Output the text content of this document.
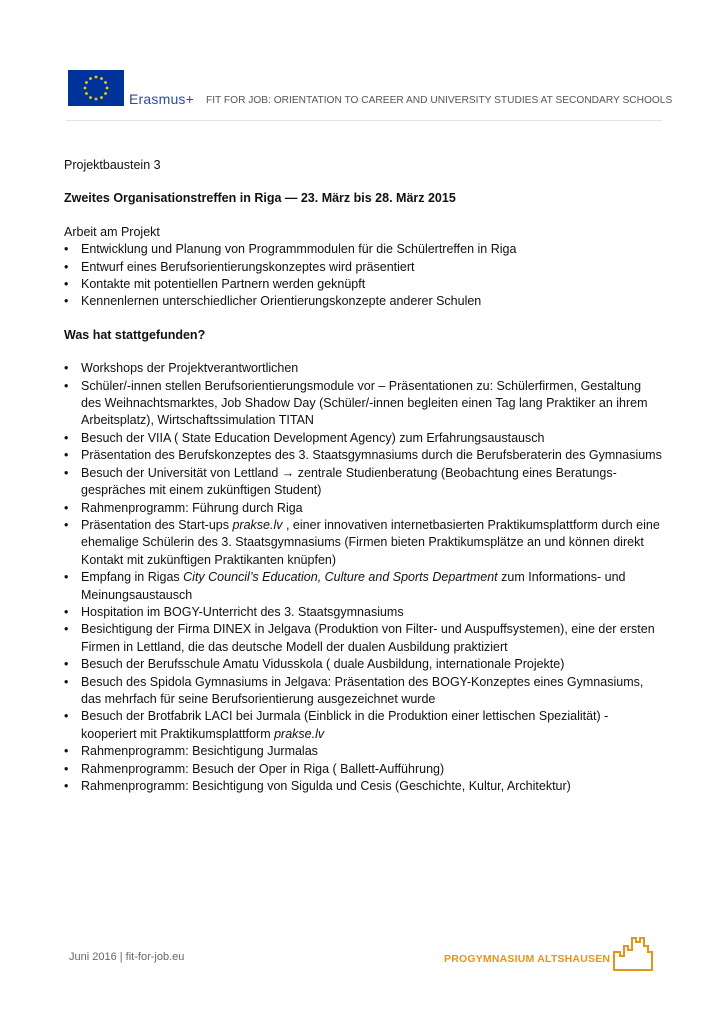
Erasmus+ FIT FOR JOB: ORIENTATION TO CAREER AND UNIVERSITY STUDIES AT SECONDARY SCHOOLS

Projektbaustein 3

Zweites Organisationstreffen in Riga — 23. März bis 28. März 2015

Arbeit am Projekt

• Entwicklung und Planung von Programmmodulen für die Schülertreffen in Riga
• Entwurf eines Berufsorientierungskonzeptes wird präsentiert
• Kontakte mit potentiellen Partnern werden geknüpft
• Kennenlernen unterschiedlicher Orientierungskonzepte anderer Schulen

Was hat stattgefunden?

• Workshops der Projektverantwortlichen
• Schüler/-innen stellen Berufsorientierungsmodule vor – Präsentationen zu: Schülerfirmen, Gestaltung des Weihnachtsmarktes, Job Shadow Day (Schüler/-innen begleiten einen Tag lang Praktiker an ihrem Arbeitsplatz), Wirtschaftssimulation TITAN
• Besuch der VIIA ( State Education Development Agency) zum Erfahrungsaustausch
• Präsentation des Berufskonzeptes des 3. Staatsgymnasiums durch die Berufsberaterin des Gymnasiums
• Besuch der Universität von Lettland → zentrale Studienberatung (Beobachtung eines Beratungs-gespräches mit einem zukünftigen Student)
• Rahmenprogramm: Führung durch Riga
• Präsentation des Start-ups prakse.lv , einer innovativen internetbasierten Praktikumsplattform durch eine ehemalige Schülerin des 3. Staatsgymnasiums (Firmen bieten Praktikumsplätze an und können direkt Kontakt mit zukünftigen Praktikanten knüpfen)
• Empfang in Rigas City Council’s Education, Culture and Sports Department zum Informations- und Meinungsaustausch
• Hospitation im BOGY-Unterricht des 3. Staatsgymnasiums
• Besichtigung der Firma DINEX in Jelgava (Produktion von Filter- und Auspuffsystemen), eine der ersten Firmen in Lettland, die das deutsche Modell der dualen Ausbildung praktiziert
• Besuch der Berufsschule Amatu Vidusskola ( duale Ausbildung, internationale Projekte)
• Besuch des Spidola Gymnasiums in Jelgava: Präsentation des BOGY-Konzeptes eines Gymnasiums, das mehrfach für seine Berufsorientierung ausgezeichnet wurde
• Besuch der Brotfabrik LACI bei Jurmala (Einblick in die Produktion einer lettischen Spezialität) - kooperiert mit Praktikumsplattform prakse.lv
• Rahmenprogramm: Besichtigung Jurmalas
• Rahmenprogramm: Besuch der Oper in Riga ( Ballett-Aufführung)
• Rahmenprogramm: Besichtigung von Sigulda und Cesis (Geschichte, Kultur, Architektur)
Juni 2016 | fit-for-job.eu	PROGYMNASIUM ALTSHAUSEN
